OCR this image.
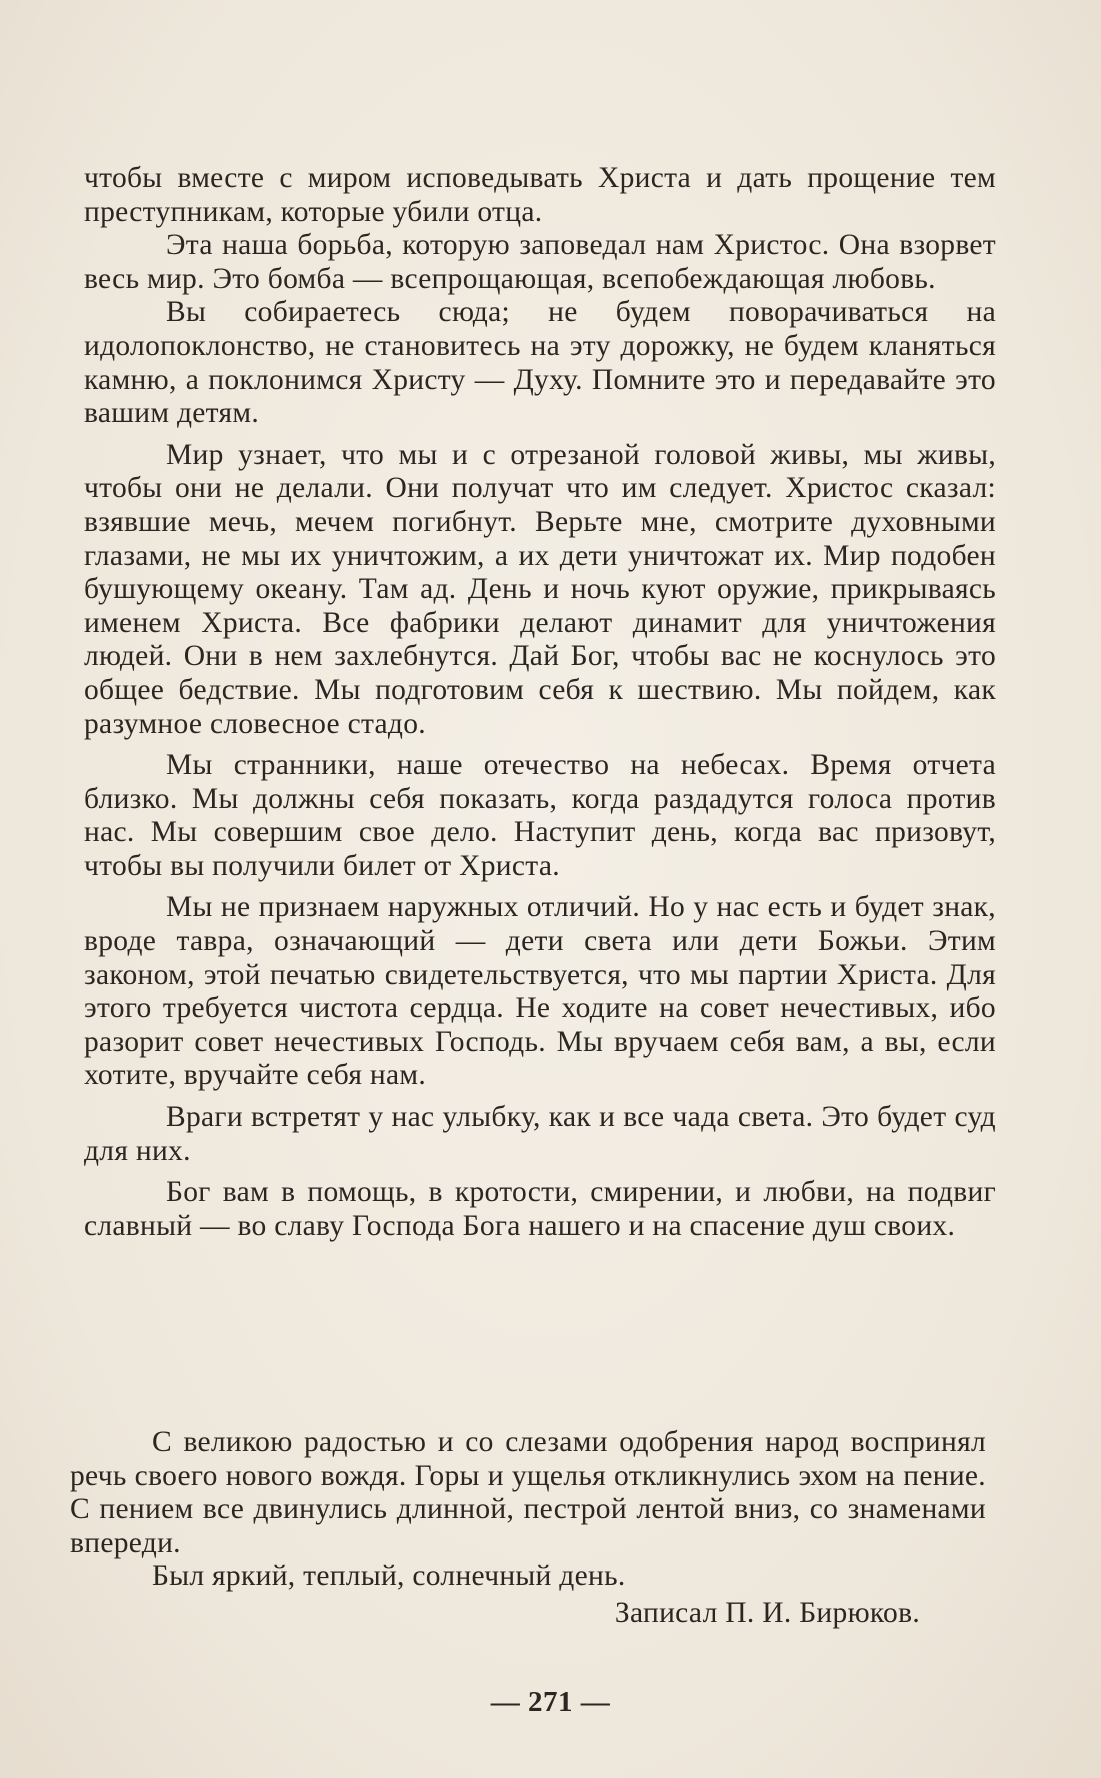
чтобы вместе с миром исповедывать Христа и дать прощение тем преступникам, которые убили отца.

Эта наша борьба, которую заповедал нам Христос. Она взорвет весь мир. Это бомба — всепрощающая, всепобеждающая любовь.

Вы собираетесь сюда; не будем поворачиваться на идолопоклонство, не становитесь на эту дорожку, не будем кланяться камню, а поклонимся Христу — Духу. Помните это и передавайте это вашим детям.

Мир узнает, что мы и с отрезаной головой живы, мы живы, чтобы они не делали. Они получат что им следует. Христос сказал: взявшие мечь, мечем погибнут. Верьте мне, смотрите духовными глазами, не мы их уничтожим, а их дети уничтожат их. Мир подобен бушующему океану. Там ад. День и ночь куют оружие, прикрываясь именем Христа. Все фабрики делают динамит для уничтожения людей. Они в нем захлебнутся. Дай Бог, чтобы вас не коснулось это общее бедствие. Мы подготовим себя к шествию. Мы пойдем, как разумное словесное стадо.

Мы странники, наше отечество на небесах. Время отчета близко. Мы должны себя показать, когда раздадутся голоса против нас. Мы совершим свое дело. Наступит день, когда вас призовут, чтобы вы получили билет от Христа.

Мы не признаем наружных отличий. Но у нас есть и будет знак, вроде тавра, означающий — дети света или дети Божьи. Этим законом, этой печатью свидетельствуется, что мы партии Христа. Для этого требуется чистота сердца. Не ходите на совет нечестивых, ибо разорит совет нечестивых Господь. Мы вручаем себя вам, а вы, если хотите, вручайте себя нам.

Враги встретят у нас улыбку, как и все чада света. Это будет суд для них.

Бог вам в помощь, в кротости, смирении, и любви, на подвиг славный — во славу Господа Бога нашего и на спасение душ своих.

С великою радостью и со слезами одобрения народ воспринял речь своего нового вождя. Горы и ущелья откликнулись эхом на пение. С пением все двинулись длинной, пестрой лентой вниз, со знаменами впереди.

Был яркий, теплый, солнечный день.

Записал П. И. Бирюков.

— 271 —
